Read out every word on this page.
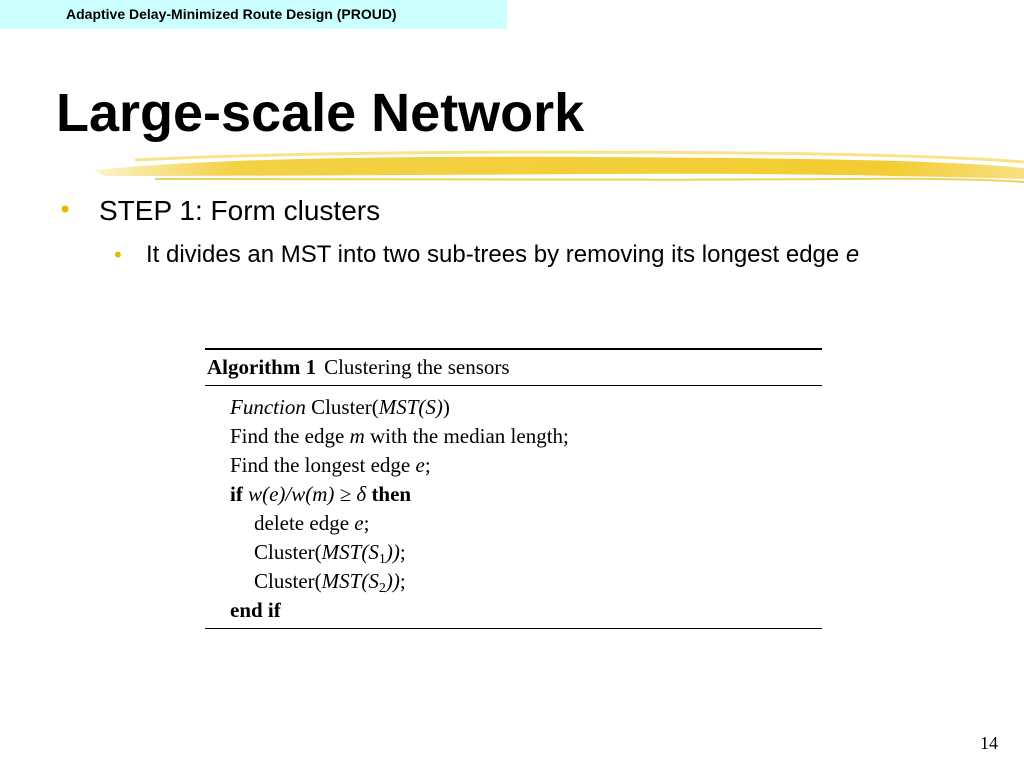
Adaptive Delay-Minimized Route Design (PROUD)
Large-scale Network
• STEP 1: Form clusters
• It divides an MST into two sub-trees by removing its longest edge e
Algorithm 1 Clustering the sensors
Function Cluster(MST(S))
Find the edge m with the median length;
Find the longest edge e;
if w(e)/w(m) ≥ δ then
delete edge e;
$Cluster(MST(S_1))$;
$Cluster(MST(S_2))$;
end if
14
